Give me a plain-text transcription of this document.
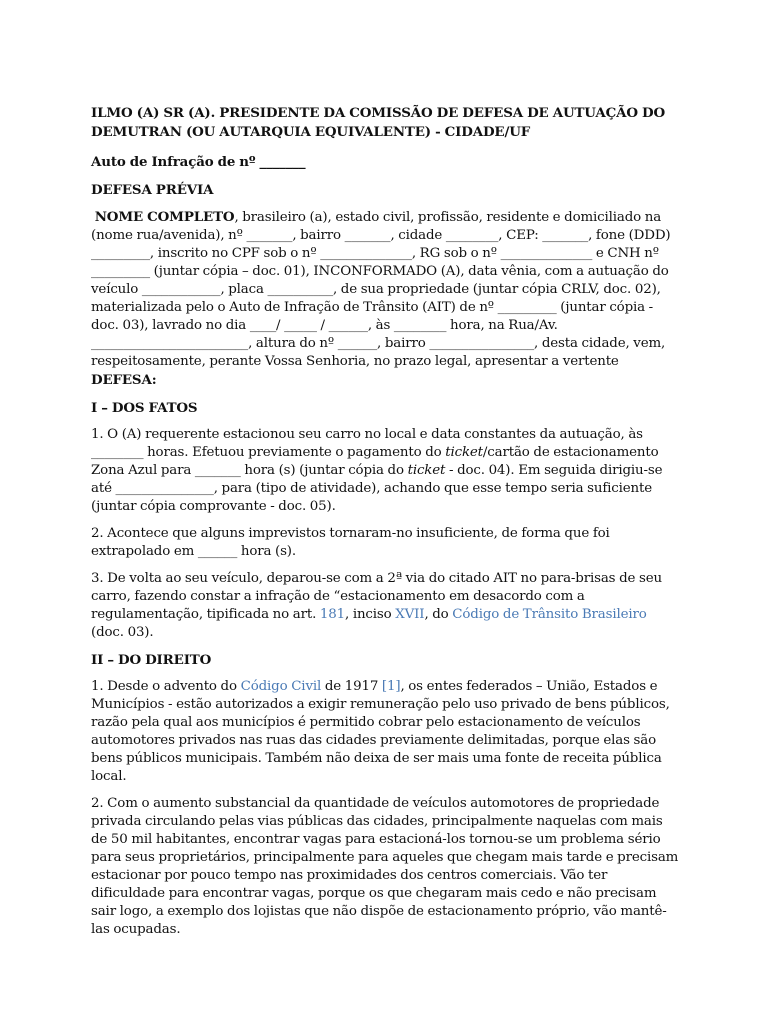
ILMO (A) SR (A). PRESIDENTE DA COMISSÃO DE DEFESA DE AUTUAÇÃO DO DEMUTRAN (OU AUTARQUIA EQUIVALENTE) - CIDADE/UF
Auto de Infração de nº _______
DEFESA PRÉVIA

NOME COMPLETO, brasileiro (a), estado civil, profissão, residente e domiciliado na (nome rua/avenida), nº _______, bairro _______, cidade ________, CEP: _______, fone (DDD) _________, inscrito no CPF sob o nº ______________, RG sob o nº ______________ e CNH nº _________ (juntar cópia – doc. 01), INCONFORMADO (A), data vênia, com a autuação do veículo ____________, placa __________, de sua propriedade (juntar cópia CRLV, doc. 02), materializada pelo o Auto de Infração de Trânsito (AIT) de nº _________ (juntar cópia - doc. 03), lavrado no dia ____/ _____ / ______, às ________ hora, na Rua/Av. ________________________, altura do nº ______, bairro ________________, desta cidade, vem, respeitosamente, perante Vossa Senhoria, no prazo legal, apresentar a vertente DEFESA:

I – DOS FATOS

1. O (A) requerente estacionou seu carro no local e data constantes da autuação, às ________ horas. Efetuou previamente o pagamento do ticket/cartão de estacionamento Zona Azul para _______ hora (s) (juntar cópia do ticket - doc. 04). Em seguida dirigiu-se até _______________, para (tipo de atividade), achando que esse tempo seria suficiente (juntar cópia comprovante - doc. 05).

2. Acontece que alguns imprevistos tornaram-no insuficiente, de forma que foi extrapolado em ______ hora (s).

3. De volta ao seu veículo, deparou-se com a 2ª via do citado AIT no para-brisas de seu carro, fazendo constar a infração de “estacionamento em desacordo com a regulamentação, tipificada no art. 181, inciso XVII, do Código de Trânsito Brasileiro (doc. 03).

II – DO DIREITO

1. Desde o advento do Código Civil de 1917 [1], os entes federados – União, Estados e Municípios - estão autorizados a exigir remuneração pelo uso privado de bens públicos, razão pela qual aos municípios é permitido cobrar pelo estacionamento de veículos automotores privados nas ruas das cidades previamente delimitadas, porque elas são bens públicos municipais. Também não deixa de ser mais uma fonte de receita pública local.

2. Com o aumento substancial da quantidade de veículos automotores de propriedade privada circulando pelas vias públicas das cidades, principalmente naquelas com mais de 50 mil habitantes, encontrar vagas para estacioná-los tornou-se um problema sério para seus proprietários, principalmente para aqueles que chegam mais tarde e precisam estacionar por pouco tempo nas proximidades dos centros comerciais. Vão ter dificuldade para encontrar vagas, porque os que chegaram mais cedo e não precisam sair logo, a exemplo dos lojistas que não dispõe de estacionamento próprio, vão mantê-las ocupadas.
